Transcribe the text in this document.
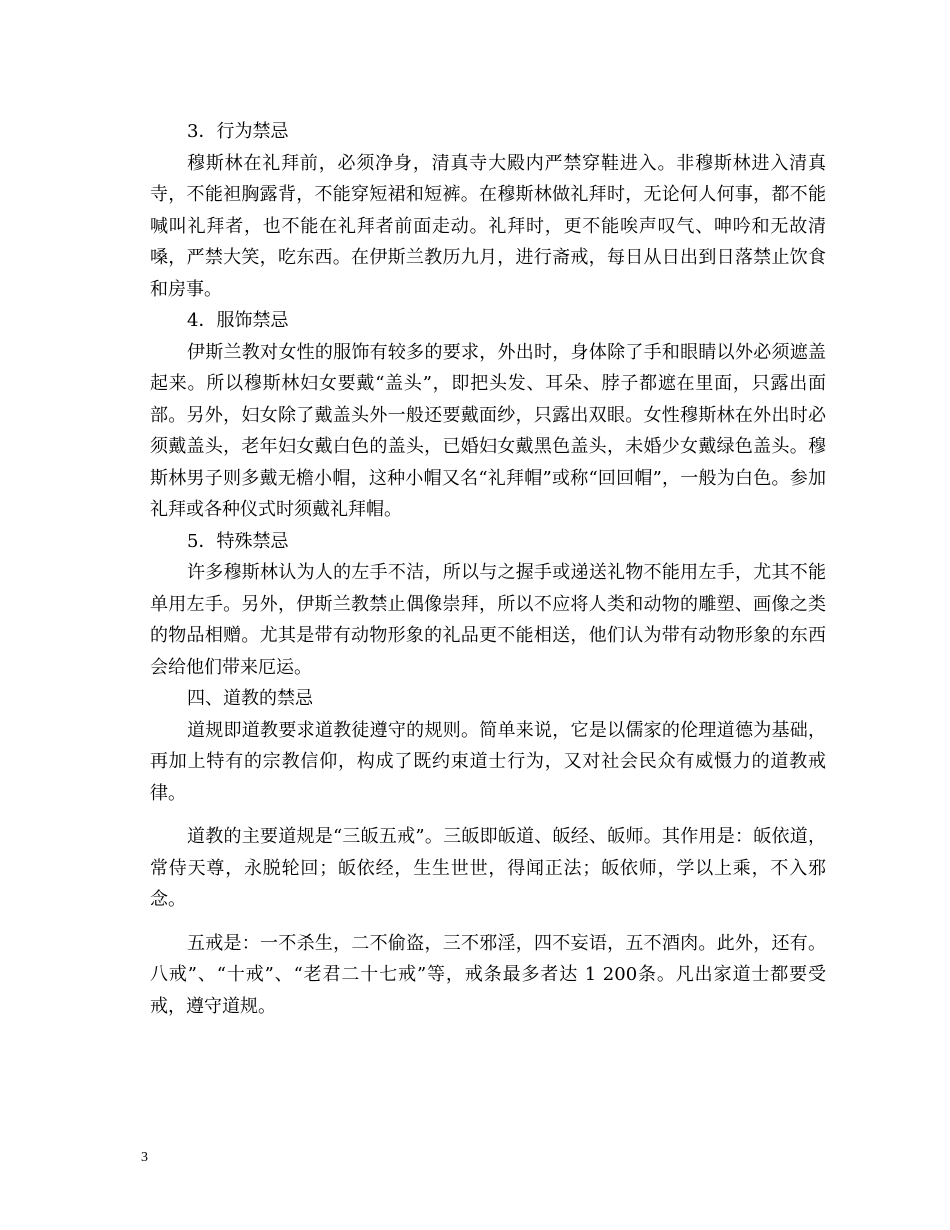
3．行为禁忌

穆斯林在礼拜前，必须净身，清真寺大殿内严禁穿鞋进入。非穆斯林进入清真寺，不能袒胸露背，不能穿短裙和短裤。在穆斯林做礼拜时，无论何人何事，都不能喊叫礼拜者，也不能在礼拜者前面走动。礼拜时，更不能唉声叹气、呻吟和无故清嗓，严禁大笑，吃东西。在伊斯兰教历九月，进行斋戒，每日从日出到日落禁止饮食和房事。

4．服饰禁忌

伊斯兰教对女性的服饰有较多的要求，外出时，身体除了手和眼睛以外必须遮盖起来。所以穆斯林妇女要戴“盖头”，即把头发、耳朵、脖子都遮在里面，只露出面部。另外，妇女除了戴盖头外一般还要戴面纱，只露出双眼。女性穆斯林在外出时必须戴盖头，老年妇女戴白色的盖头，已婚妇女戴黑色盖头，未婚少女戴绿色盖头。穆斯林男子则多戴无檐小帽，这种小帽又名“礼拜帽”或称“回回帽”，一般为白色。参加礼拜或各种仪式时须戴礼拜帽。

5．特殊禁忌

许多穆斯林认为人的左手不洁，所以与之握手或递送礼物不能用左手，尤其不能单用左手。另外，伊斯兰教禁止偶像崇拜，所以不应将人类和动物的雕塑、画像之类的物品相赠。尤其是带有动物形象的礼品更不能相送，他们认为带有动物形象的东西会给他们带来厄运。

四、道教的禁忌

道规即道教要求道教徒遵守的规则。简单来说，它是以儒家的伦理道德为基础，再加上特有的宗教信仰，构成了既约束道士行为，又对社会民众有威慑力的道教戒律。

道教的主要道规是“三皈五戒”。三皈即皈道、皈经、皈师。其作用是：皈依道，常侍天尊，永脱轮回；皈依经，生生世世，得闻正法；皈依师，学以上乘，不入邪念。

五戒是：一不杀生，二不偷盗，三不邪淫，四不妄语，五不酒肉。此外，还有。八戒”、“十戒”、“老君二十七戒”等，戒条最多者达 1 200条。凡出家道士都要受戒，遵守道规。

3
